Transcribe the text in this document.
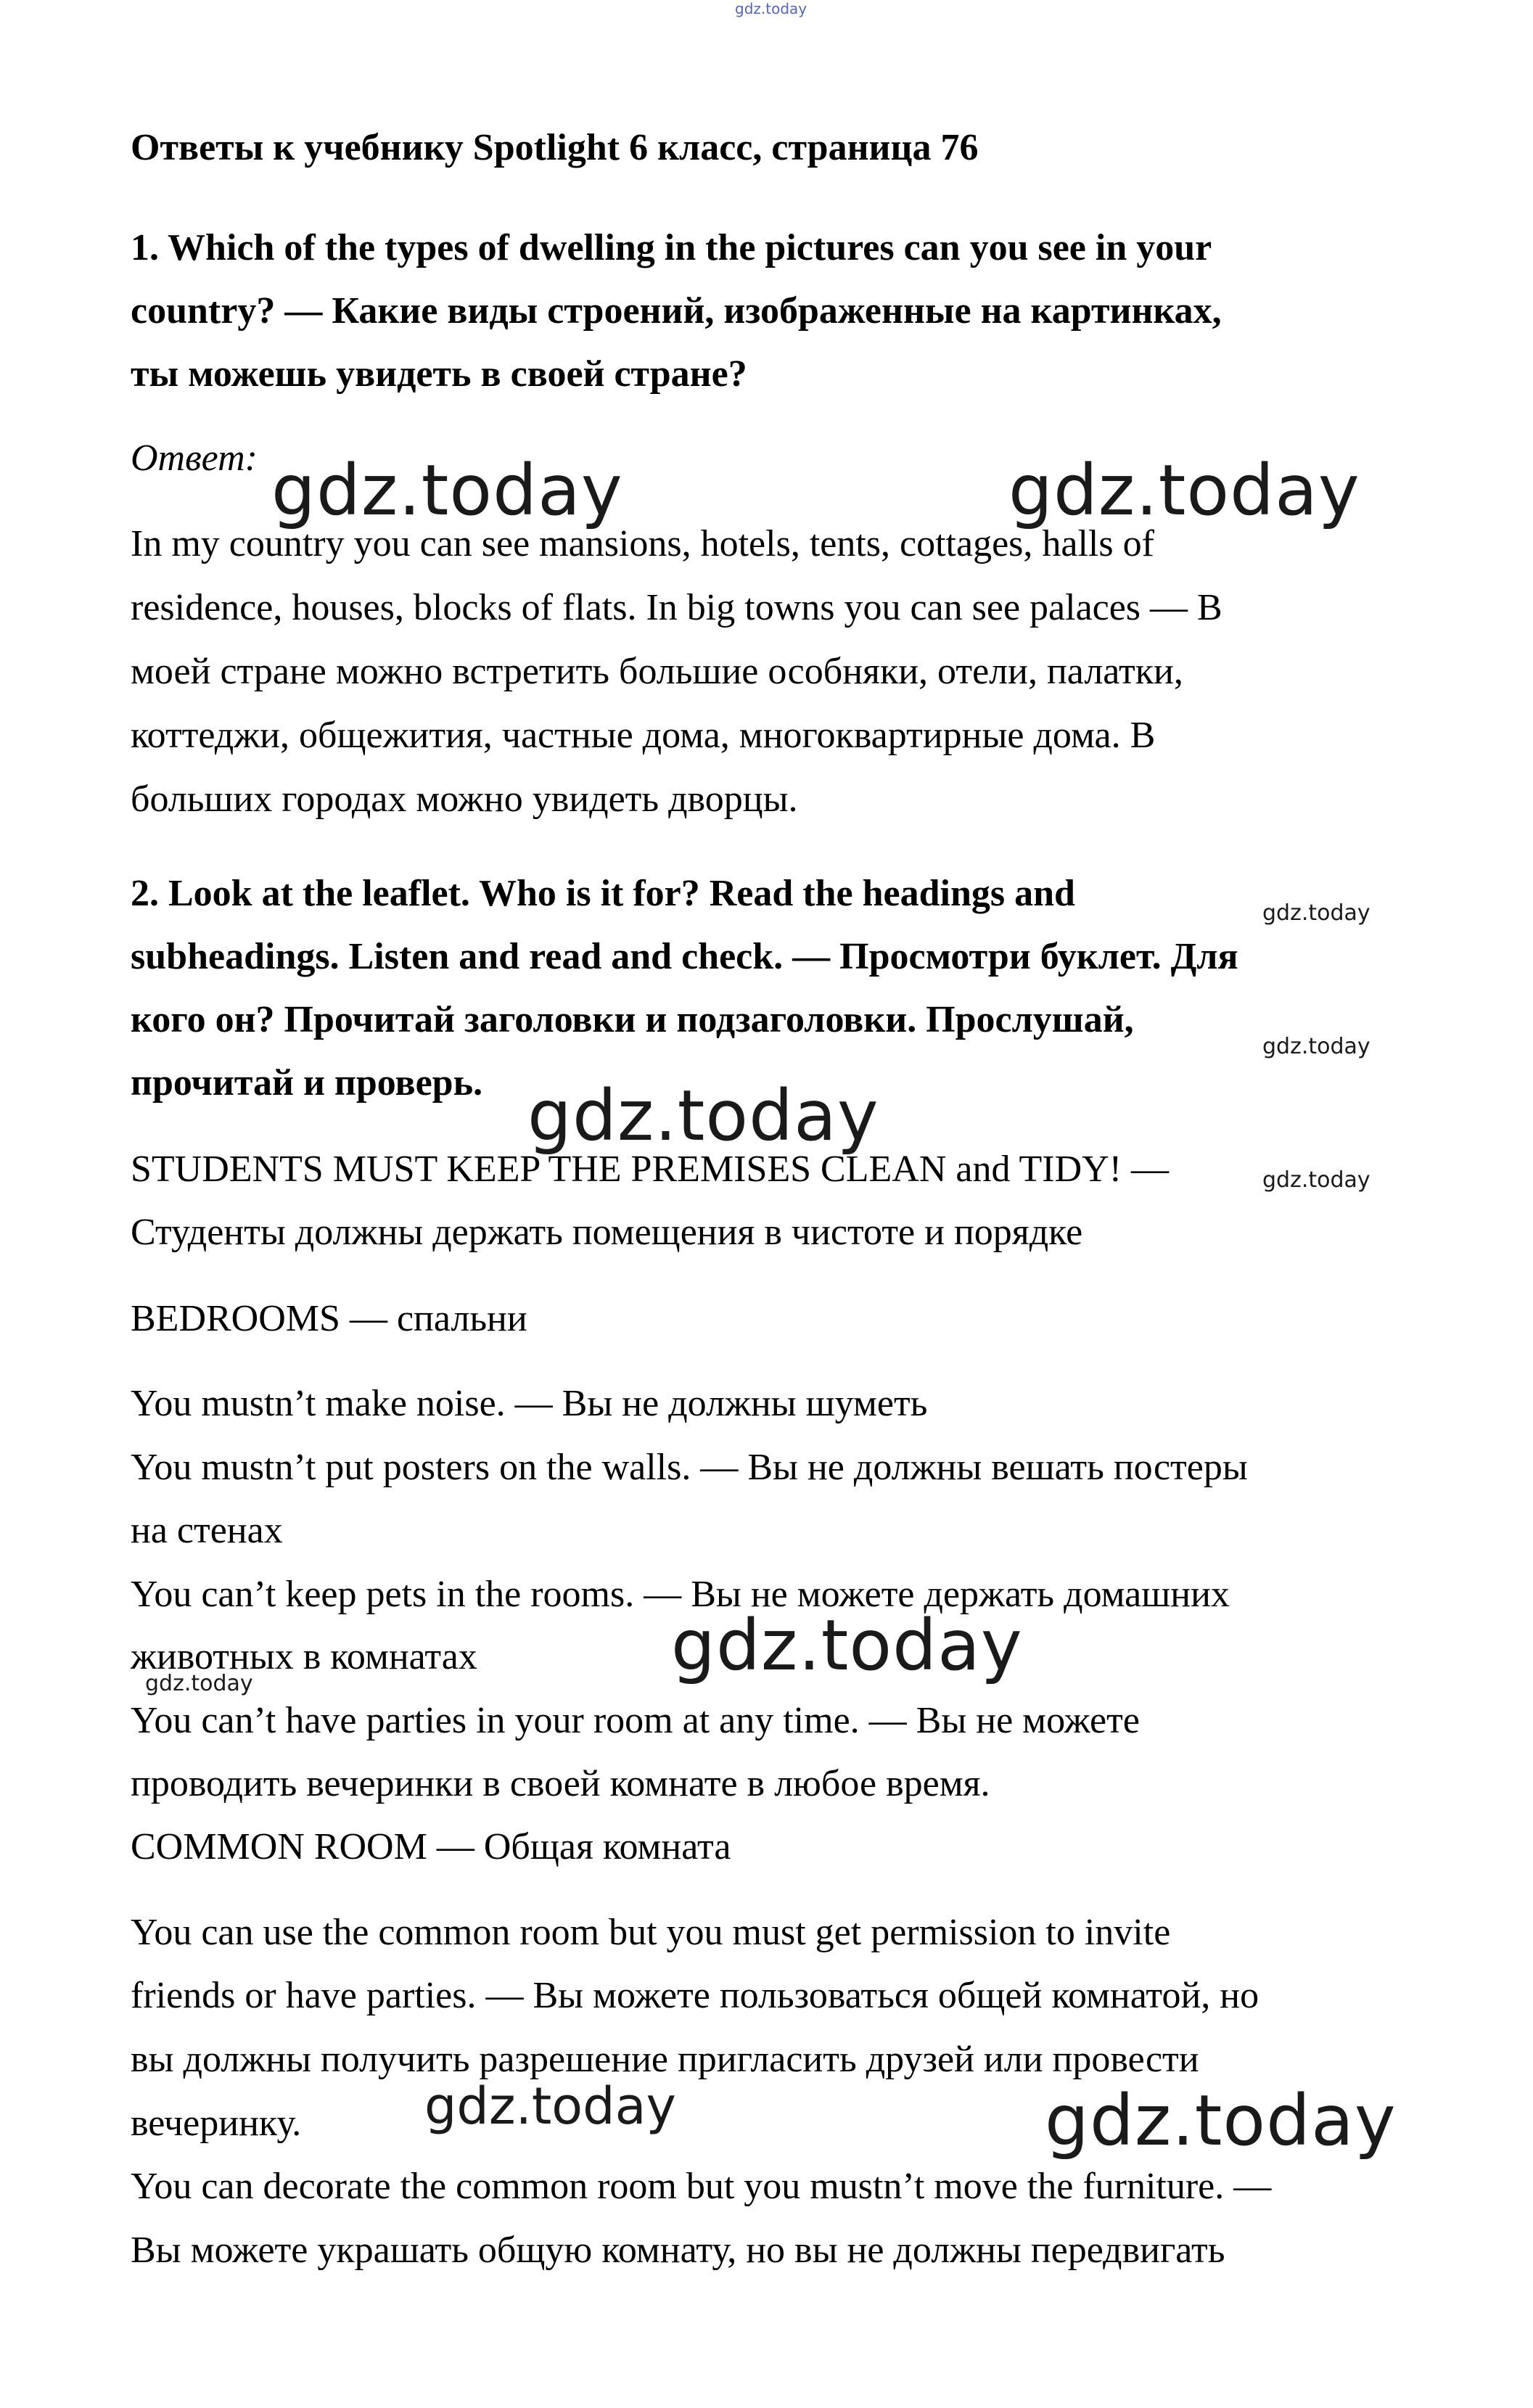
gdz.today
gdz.today	gdz.today
gdz.today
gdz.today
gdz.today
gdz.today
gdz.today
gdz.today
gdz.today	gdz.today
Ответы к учебнику Spotlight 6 класс, страница 76
1. Which of the types of dwelling in the pictures can you see in your
country? — Какие виды строений, изображенные на картинках,
ты можешь увидеть в своей стране?
Ответ:
In my country you can see mansions, hotels, tents, cottages, halls of
residence, houses, blocks of flats. In big towns you can see palaces — В
моей стране можно встретить большие особняки, отели, палатки,
коттеджи, общежития, частные дома, многоквартирные дома. В
больших городах можно увидеть дворцы.
2. Look at the leaflet. Who is it for? Read the headings and
subheadings. Listen and read and check. — Просмотри буклет. Для
кого он? Прочитай заголовки и подзаголовки. Прослушай,
прочитай и проверь.
STUDENTS MUST KEEP THE PREMISES CLEAN and TIDY! —
Студенты должны держать помещения в чистоте и порядке
BEDROOMS — спальни
You mustn’t make noise. — Вы не должны шуметь
You mustn’t put posters on the walls. — Вы не должны вешать постеры
на стенах
You can’t keep pets in the rooms. — Вы не можете держать домашних
животных в комнатах
You can’t have parties in your room at any time. — Вы не можете
проводить вечеринки в своей комнате в любое время.
COMMON ROOM — Общая комната
You can use the common room but you must get permission to invite
friends or have parties. — Вы можете пользоваться общей комнатой, но
вы должны получить разрешение пригласить друзей или провести
вечеринку.
You can decorate the common room but you mustn’t move the furniture. —
Вы можете украшать общую комнату, но вы не должны передвигать
